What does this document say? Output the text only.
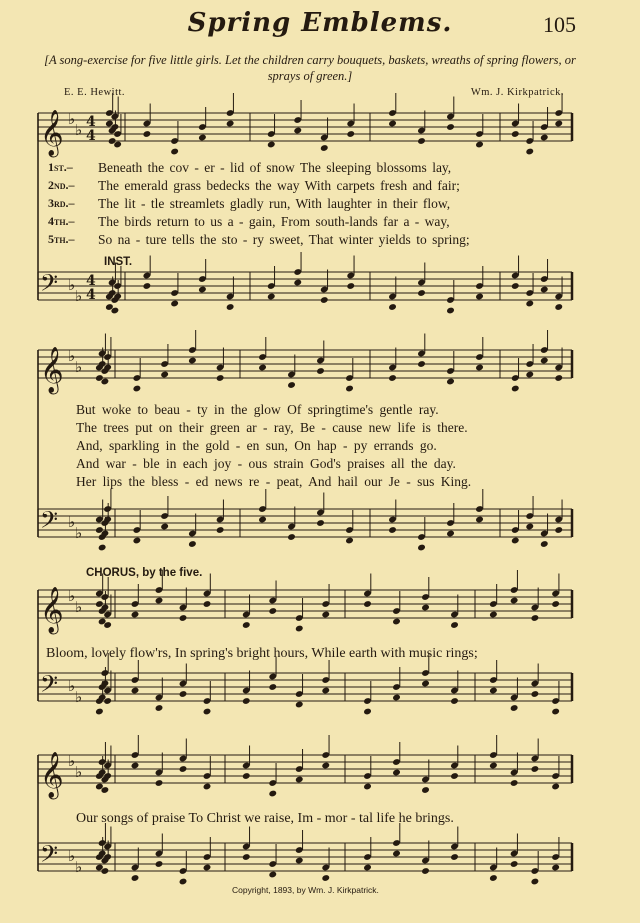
Spring Emblems.	105
[A song-exercise for five little girls. Let the children carry bouquets, baskets, wreaths of spring flowers, or sprays of green.]
E. E. Hewitt.	Wm. J. Kirkpatrick.
𝄞 ♭
♭ 4
4
𝄢 ♭
♭
4
4
𝄞 ♭
♭
𝄢 ♭
♭
𝄞 ♭
♭
𝄢 ♭
♭
𝄞 ♭
♭
𝄢 ♭
♭
INST.
CHORUS, by the five.
1st.–	Beneath the cov - er - lid of snow The sleeping blossoms lay,
2nd.–	The emerald grass bedecks the way With carpets fresh and fair;
3rd.–	The lit - tle streamlets gladly run, With laughter in their flow,
4th.–	The birds return to us a - gain, From south-lands far a - way,
5th.–	So na - ture tells the sto - ry sweet, That winter yields to spring;
But woke to beau - ty in the glow Of springtime's gentle ray.
The trees put on their green ar - ray, Be - cause new life is there.
And, sparkling in the gold - en sun, On hap - py errands go.
And war - ble in each joy - ous strain God's praises all the day.
Her lips the bless - ed news re - peat, And hail our Je - sus King.
Bloom, lovely flow'rs, In spring's bright hours, While earth with music rings;
Our songs of praise To Christ we raise, Im - mor - tal life he brings.
Copyright, 1893, by Wm. J. Kirkpatrick.
